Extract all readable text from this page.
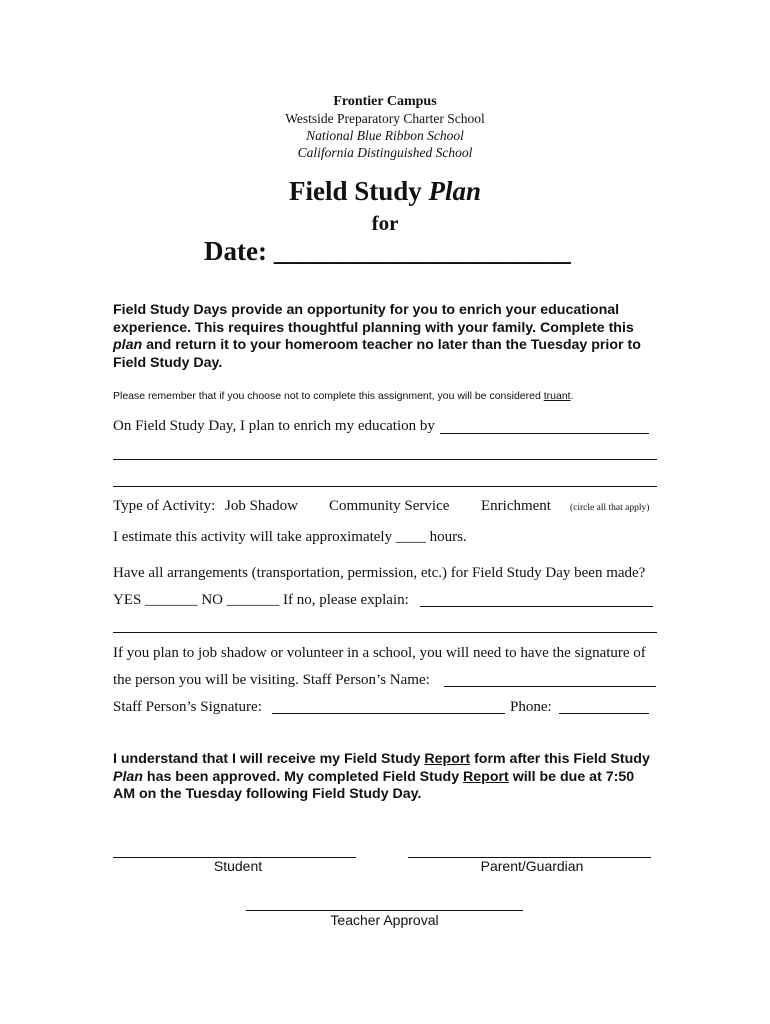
Frontier Campus
Westside Preparatory Charter School
National Blue Ribbon School
California Distinguished School
Field Study Plan
for
Date: ______________________
Field Study Days provide an opportunity for you to enrich your educational experience. This requires thoughtful planning with your family. Complete this plan and return it to your homeroom teacher no later than the Tuesday prior to Field Study Day.
Please remember that if you choose not to complete this assignment, you will be considered truant.
On Field Study Day, I plan to enrich my education by
Type of Activity: Job Shadow Community Service Enrichment (circle all that apply)
I estimate this activity will take approximately ____ hours.
Have all arrangements (transportation, permission, etc.) for Field Study Day been made?
YES _______ NO _______ If no, please explain:
If you plan to job shadow or volunteer in a school, you will need to have the signature of
the person you will be visiting. Staff Person’s Name:
Staff Person’s Signature:	Phone:
I understand that I will receive my Field Study Report form after this Field Study Plan has been approved. My completed Field Study Report will be due at 7:50 AM on the Tuesday following Field Study Day.
Student	Parent/Guardian
Teacher Approval
